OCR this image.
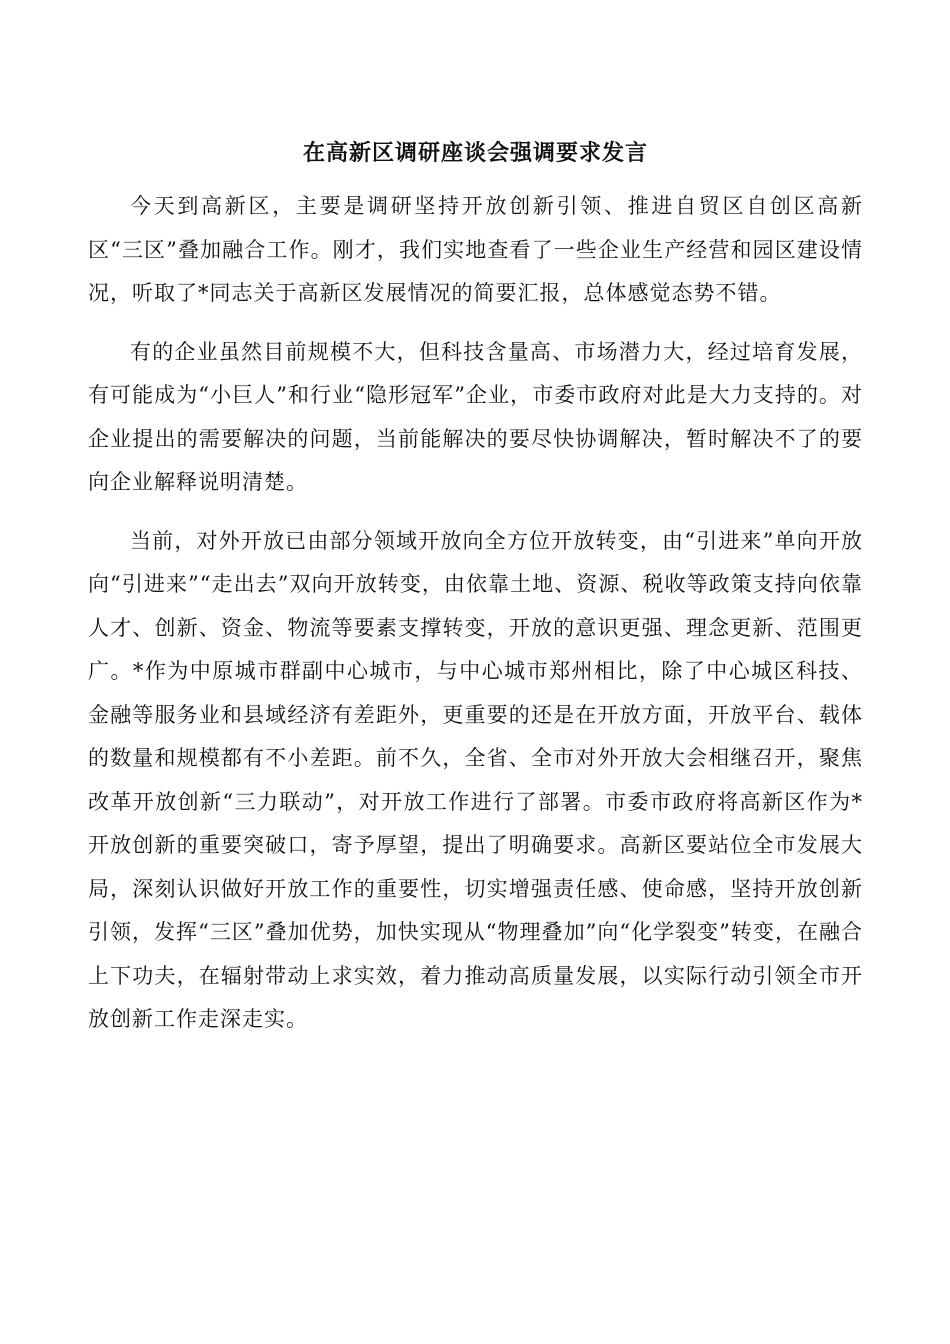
在高新区调研座谈会强调要求发言

今天到高新区，主要是调研坚持开放创新引领、推进自贸区自创区高新区“三区”叠加融合工作。刚才，我们实地查看了一些企业生产经营和园区建设情况，听取了*同志关于高新区发展情况的简要汇报，总体感觉态势不错。

有的企业虽然目前规模不大，但科技含量高、市场潜力大，经过培育发展，有可能成为“小巨人”和行业“隐形冠军”企业，市委市政府对此是大力支持的。对企业提出的需要解决的问题，当前能解决的要尽快协调解决，暂时解决不了的要向企业解释说明清楚。

当前，对外开放已由部分领域开放向全方位开放转变，由“引进来”单向开放向“引进来”“走出去”双向开放转变，由依靠土地、资源、税收等政策支持向依靠人才、创新、资金、物流等要素支撑转变，开放的意识更强、理念更新、范围更广。*作为中原城市群副中心城市，与中心城市郑州相比，除了中心城区科技、金融等服务业和县域经济有差距外，更重要的还是在开放方面，开放平台、载体的数量和规模都有不小差距。前不久，全省、全市对外开放大会相继召开，聚焦改革开放创新“三力联动”，对开放工作进行了部署。市委市政府将高新区作为*开放创新的重要突破口，寄予厚望，提出了明确要求。高新区要站位全市发展大局，深刻认识做好开放工作的重要性，切实增强责任感、使命感，坚持开放创新引领，发挥“三区”叠加优势，加快实现从“物理叠加”向“化学裂变”转变，在融合上下功夫，在辐射带动上求实效，着力推动高质量发展，以实际行动引领全市开放创新工作走深走实。
